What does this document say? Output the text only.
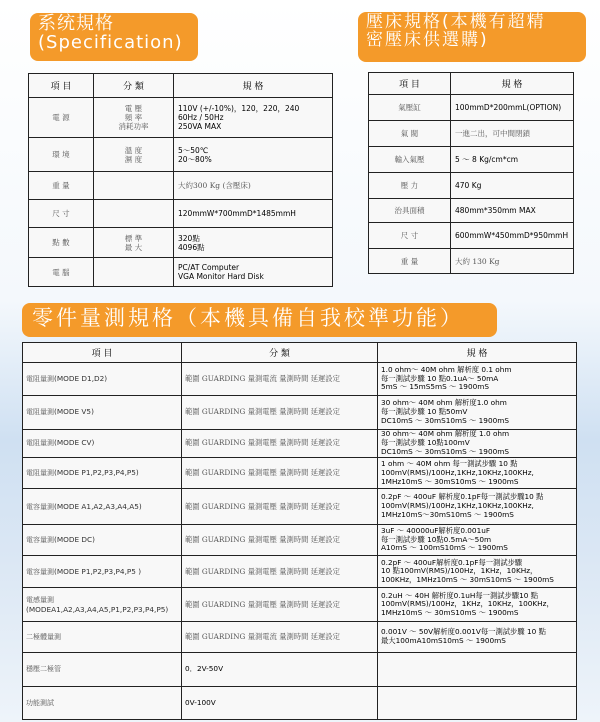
系统規格
(Specification)
壓床規格(本機有超精
密壓床供選購)
零件量測規格（本機具備自我校準功能）
項 目	分 類	規 格
電 源	電 壓
頻 率
消耗功率	110V (+/-10%)，120，220，240
60Hz / 50Hz
250VA MAX

環 境	溫 度
濕 度	5～50℃
20～80%

重 量		大約300 Kg (含壓床)
尺 寸		120mmW*700mmD*1485mmH
點 數	標 準
最 大	320點
4096點

電 腦		PC/AT Computer
VGA Monitor Hard Disk
項 目	規 格
氣壓缸	100mmD*200mmL(OPTION)
氣 閥	一進二出，可中間閉鎖
輸入氣壓	5 ～ 8 Kg/cm*cm
壓 力	470 Kg
治具面積	480mm*350mm MAX
尺 寸	600mmW*450mmD*950mmH
重 量	大約 130 Kg
項 目	分 類	規 格
電阻量測(MODE D1,D2)	範圍 GUARDING 量測電流 量測時間 延遲設定	1.0 ohm～ 40M ohm 解析度 0.1 ohm
每一測試步驟 10 點0.1uA～ 50mA
5mS ～ 15mS5mS ～ 1900mS

電阻量測(MODE V5)	範圍 GUARDING 量測電壓 量測時間 延遲設定	30 ohm～ 40M ohm 解析度1.0 ohm
每一測試步驟 10 點50mV
DC10mS ～ 30mS10mS ～ 1900mS

電阻量測(MODE CV)	範圍 GUARDING 量測電壓 量測時間 延遲設定	30 ohm～ 40M ohm 解析度 1.0 ohm
每一測試步驟 10點100mV
DC10mS ～ 30mS10mS ～ 1900mS

電阻量測(MODE P1,P2,P3,P4,P5)	範圍 GUARDING 量測電壓 量測時間 延遲設定	1 ohm ～ 40M ohm 每一測試步驟 10 點
100mV(RMS)/100Hz,1KHz,10KHz,100KHz,
1MHz10mS ～ 30mS10mS ～ 1900mS

電容量測(MODE A1,A2,A3,A4,A5)	範圍 GUARDING 量測電壓 量測時間 延遲設定	0.2pF ～ 400uF 解析度0.1pF每一測試步驟10 點
100mV(RMS)/100Hz,1KHz,10KHz,100KHz,
1MHz10mS～30mS10mS ～ 1900mS

電容量測(MODE DC)	範圍 GUARDING 量測電壓 量測時間 延遲設定	3uF ～ 40000uF解析度0.001uF
每一測試步驟 10點0.5mA～50m
A10mS ～ 100mS10mS ～ 1900mS

電容量測(MODE P1,P2,P3,P4,P5 )	範圍 GUARDING 量測電壓 量測時間 延遲設定	0.2pF ～ 400uF解析度0.1pF每一測試步驟
10 點100mV(RMS)/100Hz，1KHz，10KHz，
100KHz，1MHz10mS ～ 30mS10mS ～ 1900mS

電感量測(MODEA1,A2,A3,A4,A5,P1,P2,P3,P4,P5)	範圍 GUARDING 量測電壓 量測時間 延遲設定	0.2uH ～ 40H 解析度0.1uH每一測試步驟10 點
100mV(RMS)/100Hz，1KHz，10KHz，100KHz，
1MHz10mS ～ 30mS10mS ～ 1900mS

二極體量測	範圍 GUARDING 量測電流 量測時間 延遲設定	0.001V ～ 50V解析度0.001V每一測試步驟 10 點
最大100mA10mS10mS ～ 1900mS

穩壓二極管	0．2V-50V	
功能測試	0V-100V	
